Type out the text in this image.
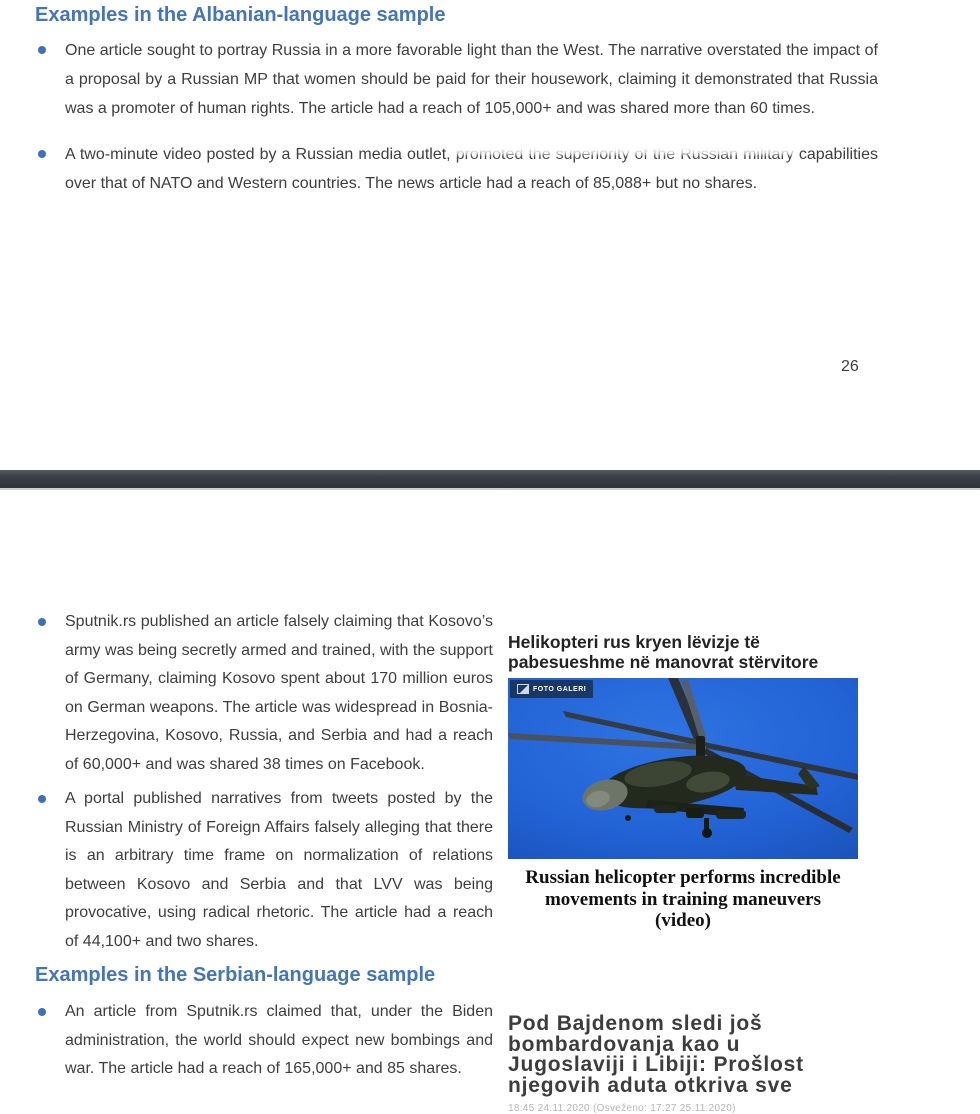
Examples in the Albanian-language sample
One article sought to portray Russia in a more favorable light than the West. The narrative overstated the impact of a proposal by a Russian MP that women should be paid for their housework, claiming it demonstrated that Russia was a promoter of human rights. The article had a reach of 105,000+ and was shared more than 60 times.
A two-minute video posted by a Russian media outlet, promoted the superiority of the Russian military capabilities over that of NATO and Western countries. The news article had a reach of 85,088+ but no shares.
26
Sputnik.rs published an article falsely claiming that Kosovo’s army was being secretly armed and trained, with the support of Germany, claiming Kosovo spent about 170 million euros on German weapons. The article was widespread in Bosnia-Herzegovina, Kosovo, Russia, and Serbia and had a reach of 60,000+ and was shared 38 times on Facebook.
A portal published narratives from tweets posted by the Russian Ministry of Foreign Affairs falsely alleging that there is an arbitrary time frame on normalization of relations between Kosovo and Serbia and that LVV was being provocative, using radical rhetoric. The article had a reach of 44,100+ and two shares.
Examples in the Serbian-language sample
An article from Sputnik.rs claimed that, under the Biden administration, the world should expect new bombings and war. The article had a reach of 165,000+ and 85 shares.
Helikopteri rus kryen lëvizje të pabesueshme në manovrat stërvitore
FOTO GALERI
Russian helicopter performs incredible movements in training maneuvers (video)
Pod Bajdenom sledi još bombardovanja kao u Jugoslaviji i Libiji: Prošlost njegovih aduta otkriva sve
18:45 24.11.2020 (Osveženo: 17:27 25.11.2020)
